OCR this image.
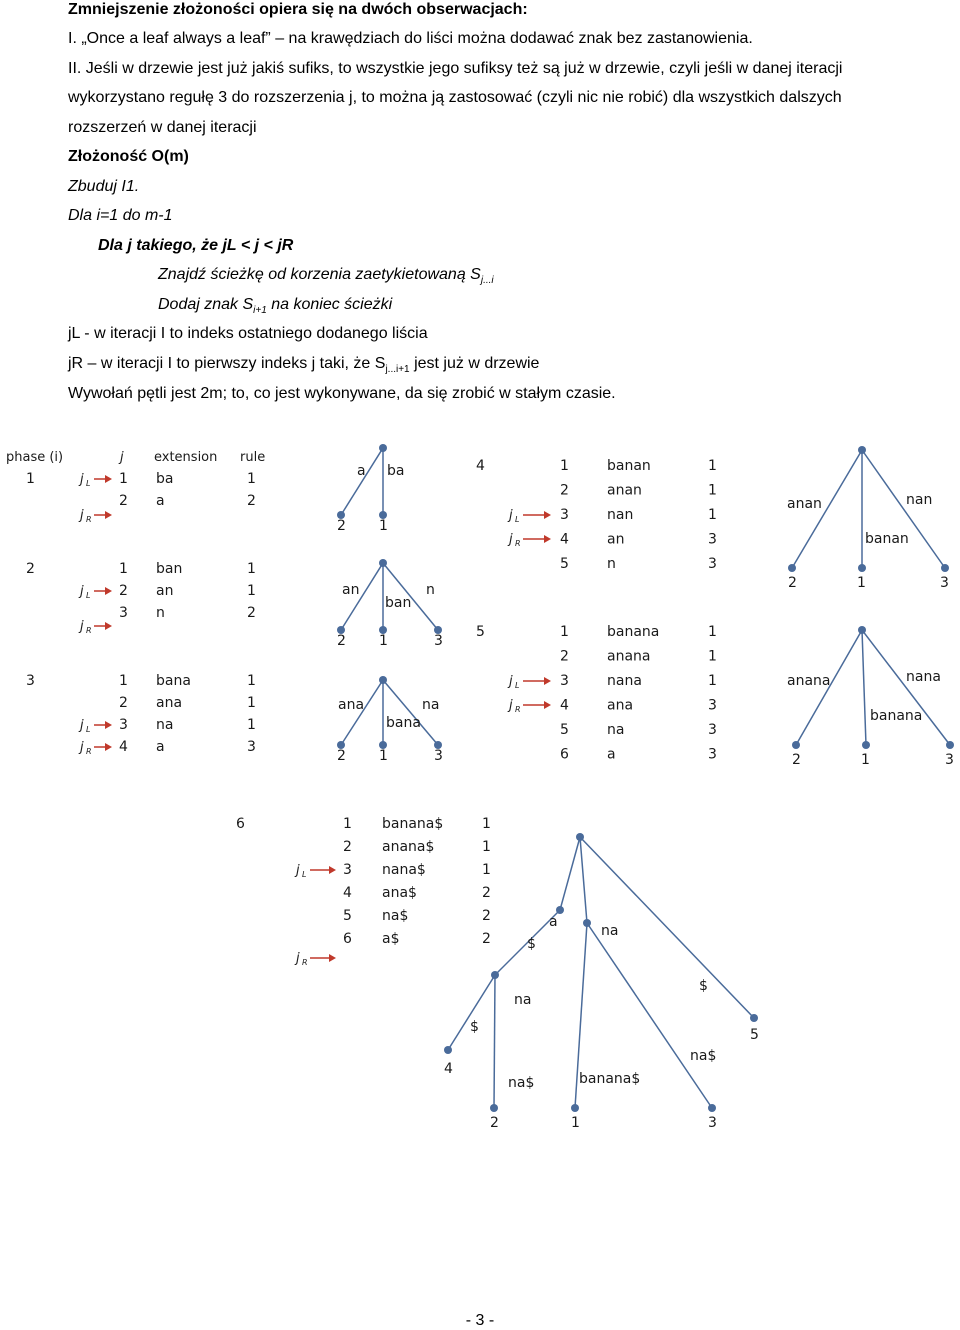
Zmniejszenie złożoności opiera się na dwóch obserwacjach:
I. „Once a leaf always a leaf” – na krawędziach do liści można dodawać znak bez zastanowienia.
II. Jeśli w drzewie jest już jakiś sufiks, to wszystkie jego sufiksy też są już w drzewie, czyli jeśli w danej iteracji
wykorzystano regułę 3 do rozszerzenia j, to można ją zastosować (czyli nic nie robić) dla wszystkich dalszych
rozszerzeń w danej iteracji
Złożoność O(m)
Zbuduj I1.
Dla i=1 do m-1
Dla j takiego, że jL < j < jR
Znajdź ścieżkę od korzenia zaetykietowaną $S_{j...i}$
Dodaj znak $S_{i+1}$ na koniec ścieżki
jL - w iteracji I to indeks ostatniego dodanego liścia
jR – w iteracji I to pierwszy indeks j taki, że $S_{j...i+1}$ jest już w drzewie
Wywołań pętli jest 2m; to, co jest wykonywane, da się zrobić w stałym czasie.
phase (i)	j extension rule
1	1 ba	1
2 a	2
2	1 ban	1
2 an	1
3 n	2
3	1 bana	1
2 ana	1
3 na	1
4 a	3
4	1	banan	1
2	anan	1
3	nan	1
4	an	3
5	n	3
5	1	banana	1
2	anana	1
3	nana	1
4	ana	3
5	na	3
6	a	3
6	1 banana$	1
2 anana$	1
3 nana$	1
4 ana$	2
5 na$	2
6 a$	2
j L
j R
j L
j R
j L
j R
j L
j R
j L
j R
j L
j R
a ba
2 1
an	n
ban
2 1	3
ana	na
bana
2 1	3
anan	nan
banan
2	1	3
anana	nana
banana
2	1	3
a
na
$
na
$
$
na$	banana$
na$
4
2	1
5
3
- 3 -
